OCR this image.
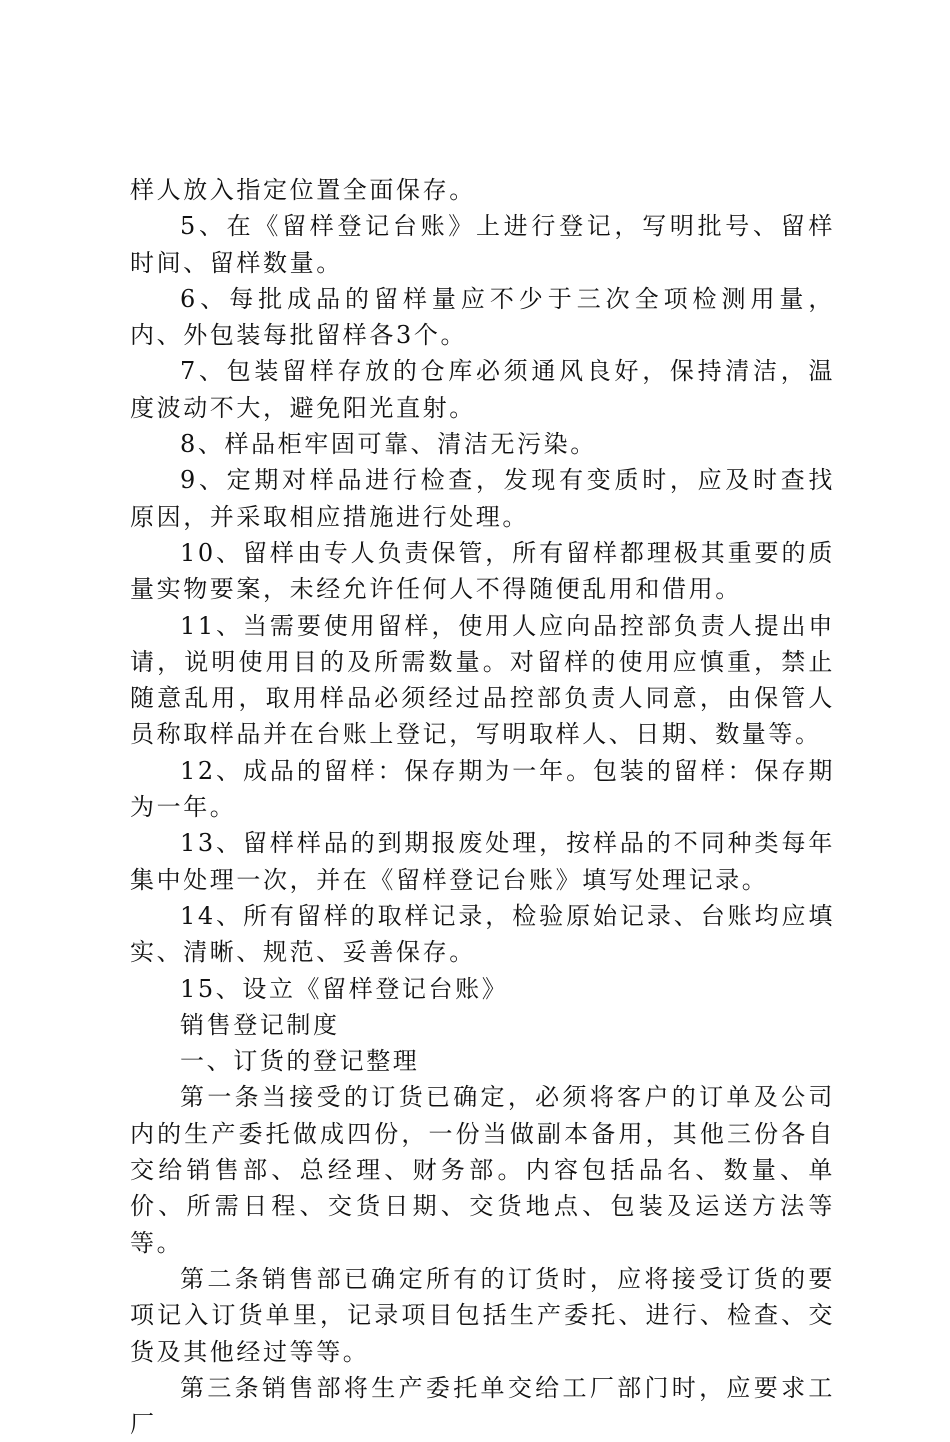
样人放入指定位置全面保存。

5、在《留样登记台账》上进行登记，写明批号、留样时间、留样数量。

6、每批成品的留样量应不少于三次全项检测用量，内、外包装每批留样各3个。

7、包装留样存放的仓库必须通风良好，保持清洁，温度波动不大，避免阳光直射。

8、样品柜牢固可靠、清洁无污染。

9、定期对样品进行检查，发现有变质时，应及时查找原因，并采取相应措施进行处理。

10、留样由专人负责保管，所有留样都理极其重要的质量实物要案，未经允许任何人不得随便乱用和借用。

11、当需要使用留样，使用人应向品控部负责人提出申请，说明使用目的及所需数量。对留样的使用应慎重，禁止随意乱用，取用样品必须经过品控部负责人同意，由保管人员称取样品并在台账上登记，写明取样人、日期、数量等。

12、成品的留样：保存期为一年。包装的留样：保存期为一年。

13、留样样品的到期报废处理，按样品的不同种类每年集中处理一次，并在《留样登记台账》填写处理记录。

14、所有留样的取样记录，检验原始记录、台账均应填实、清晰、规范、妥善保存。

15、设立《留样登记台账》

销售登记制度

一、订货的登记整理

第一条当接受的订货已确定，必须将客户的订单及公司内的生产委托做成四份，一份当做副本备用，其他三份各自交给销售部、总经理、财务部。内容包括品名、数量、单价、所需日程、交货日期、交货地点、包装及运送方法等等。

第二条销售部已确定所有的订货时，应将接受订货的要项记入订货单里，记录项目包括生产委托、进行、检查、交货及其他经过等等。

第三条销售部将生产委托单交给工厂部门时，应要求工厂
